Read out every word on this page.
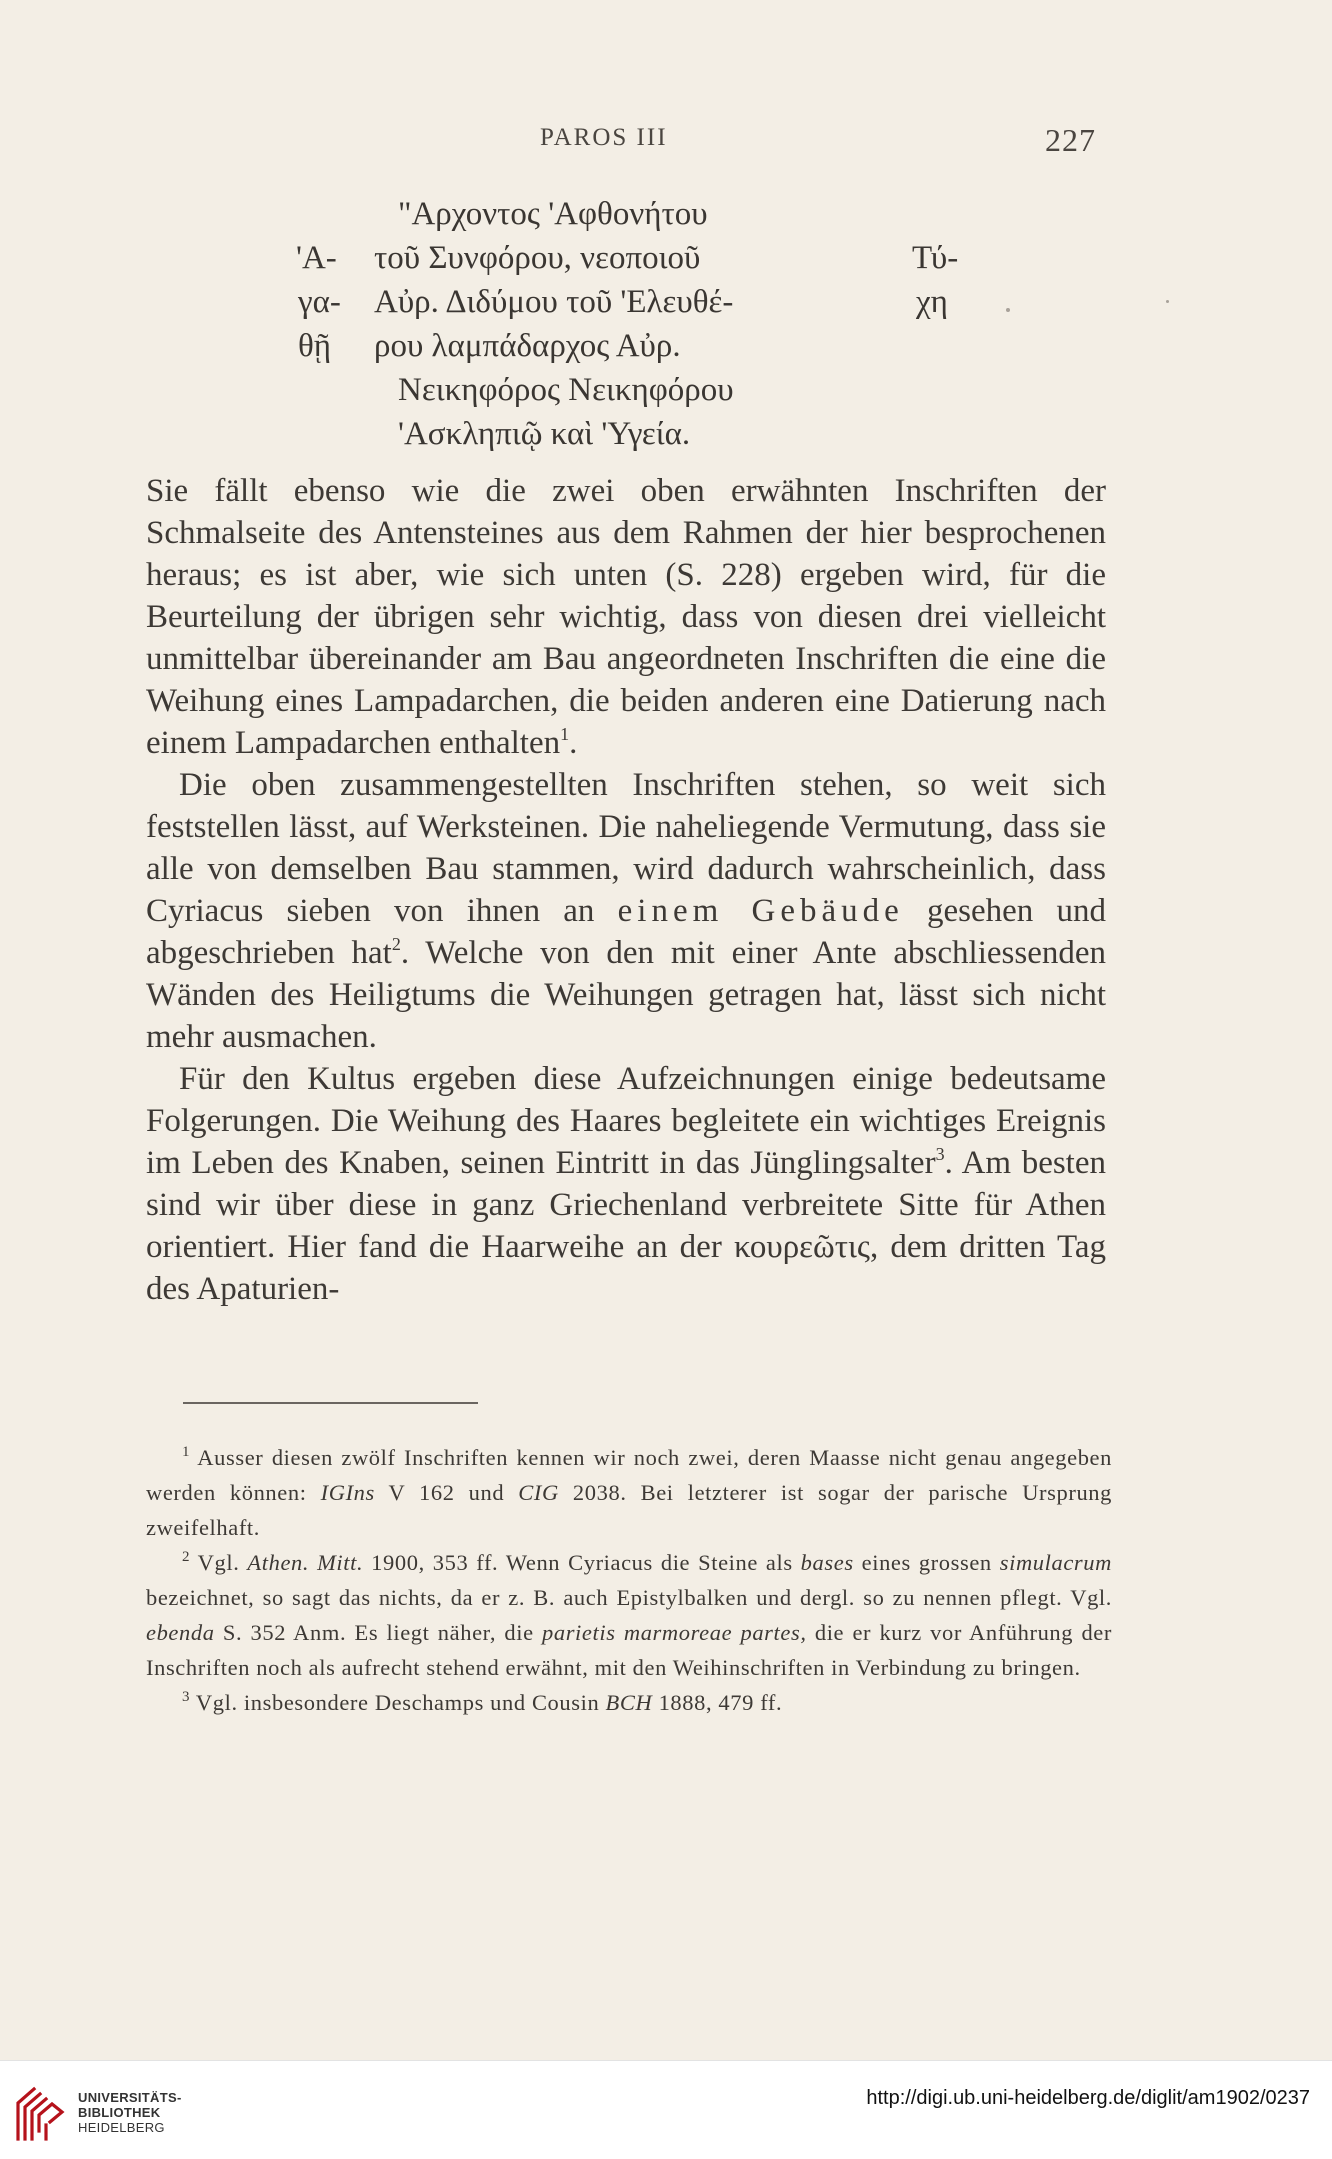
PAROS III	227
"Αρχοντος 'Αφθονήτου
τοῦ Συνφόρου, νεοποιοῦ
Αὐρ. Διδύμου τοῦ 'Ελευθέ-
ρου λαμπάδαρχος Αὐρ.
Νεικηφόρος Νεικηφόρου
'Ασκληπιῷ καὶ 'Υγεία.
'Α-
γα-
θῇ
Τύ-
χη

Sie fällt ebenso wie die zwei oben erwähnten Inschriften der Schmalseite des Antensteines aus dem Rahmen der hier besprochenen heraus; es ist aber, wie sich unten (S. 228) ergeben wird, für die Beurteilung der übrigen sehr wichtig, dass von diesen drei vielleicht unmittelbar übereinander am Bau angeordneten Inschriften die eine die Weihung eines Lampadarchen, die beiden anderen eine Datierung nach einem Lampadarchen enthalten$^1$.

Die oben zusammengestellten Inschriften stehen, so weit sich feststellen lässt, auf Werksteinen. Die naheliegende Vermutung, dass sie alle von demselben Bau stammen, wird dadurch wahrscheinlich, dass Cyriacus sieben von ihnen an einem Gebäude gesehen und abgeschrieben hat$^2$. Welche von den mit einer Ante abschliessenden Wänden des Heiligtums die Weihungen getragen hat, lässt sich nicht mehr ausmachen.

Für den Kultus ergeben diese Aufzeichnungen einige bedeutsame Folgerungen. Die Weihung des Haares begleitete ein wichtiges Ereignis im Leben des Knaben, seinen Eintritt in das Jünglingsalter$^3$. Am besten sind wir über diese in ganz Griechenland verbreitete Sitte für Athen orientiert. Hier fand die Haarweihe an der κουρεῶτις, dem dritten Tag des Apaturien-

$^1$ Ausser diesen zwölf Inschriften kennen wir noch zwei, deren Maasse nicht genau angegeben werden können: IGIns V 162 und CIG 2038. Bei letzterer ist sogar der parische Ursprung zweifelhaft.

$^2$ Vgl. Athen. Mitt. 1900, 353 ff. Wenn Cyriacus die Steine als bases eines grossen simulacrum bezeichnet, so sagt das nichts, da er z. B. auch Epistylbalken und dergl. so zu nennen pflegt. Vgl. ebenda S. 352 Anm. Es liegt näher, die parietis marmoreae partes, die er kurz vor Anführung der Inschriften noch als aufrecht stehend erwähnt, mit den Weihinschriften in Verbindung zu bringen.

$^3$ Vgl. insbesondere Deschamps und Cousin BCH 1888, 479 ff.

UNIVERSITÄTS-
BIBLIOTHEK
HEIDELBERG
http://digi.ub.uni-heidelberg.de/diglit/am1902/0237
